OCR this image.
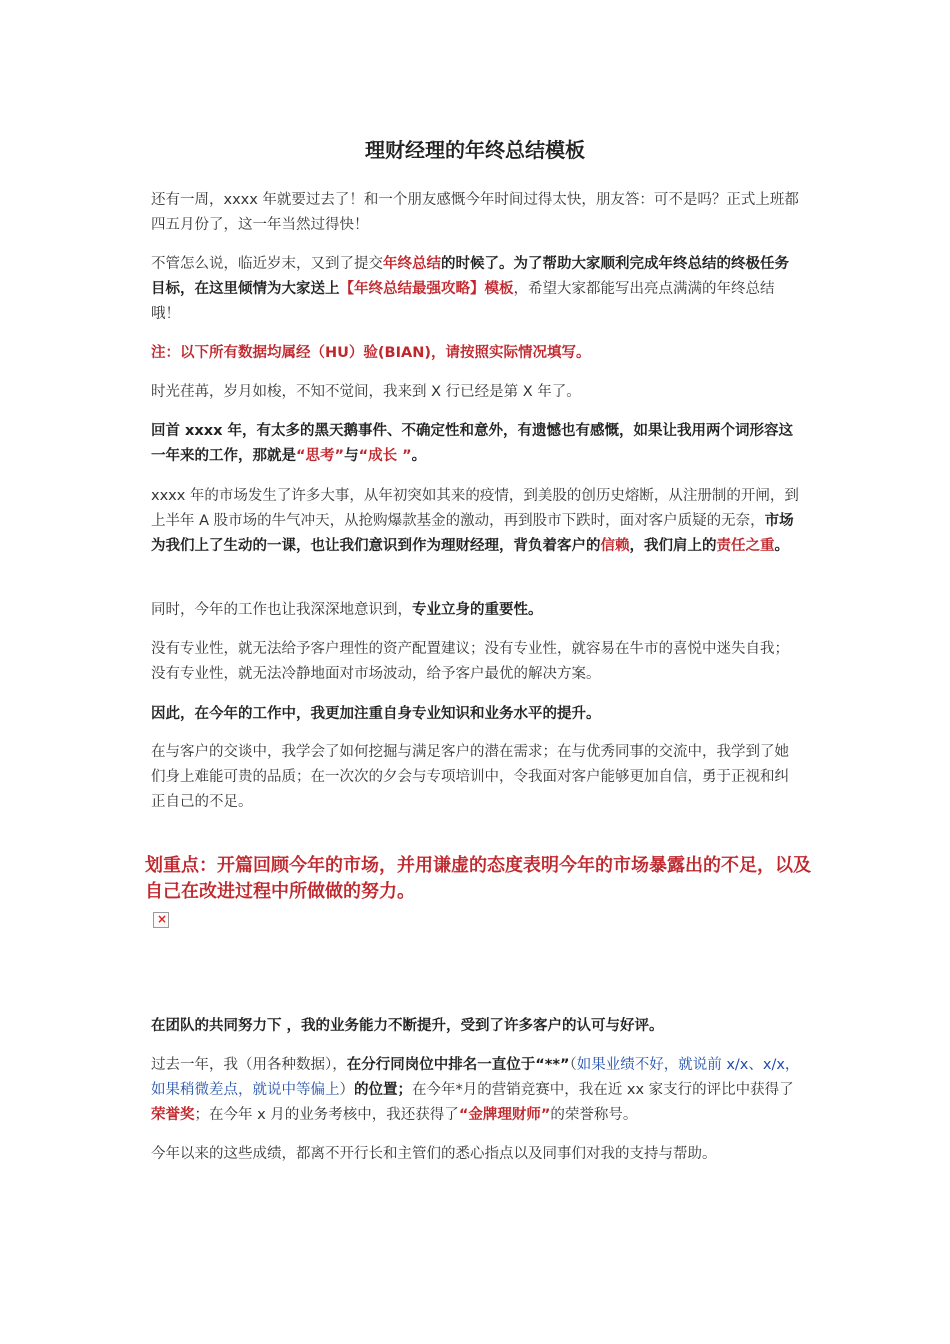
理财经理的年终总结模板
还有一周，xxxx 年就要过去了！和一个朋友感慨今年时间过得太快，朋友答：可不是吗？正式上班都四五月份了，这一年当然过得快！
不管怎么说，临近岁末，又到了提交年终总结的时候了。为了帮助大家顺利完成年终总结的终极任务目标，在这里倾情为大家送上【年终总结最强攻略】模板，希望大家都能写出亮点满满的年终总结哦！
注：以下所有数据均属经（HU）验(BIAN)，请按照实际情况填写。
时光荏苒，岁月如梭，不知不觉间，我来到 X 行已经是第 X 年了。
回首 xxxx 年，有太多的黑天鹅事件、不确定性和意外，有遗憾也有感慨，如果让我用两个词形容这一年来的工作，那就是“思考”与“成长 ”。
xxxx 年的市场发生了许多大事，从年初突如其来的疫情，到美股的创历史熔断，从注册制的开闸，到上半年 A 股市场的牛气冲天，从抢购爆款基金的激动，再到股市下跌时，面对客户质疑的无奈，市场为我们上了生动的一课，也让我们意识到作为理财经理，背负着客户的信赖，我们肩上的责任之重。
同时，今年的工作也让我深深地意识到，专业立身的重要性。
没有专业性，就无法给予客户理性的资产配置建议；没有专业性，就容易在牛市的喜悦中迷失自我；没有专业性，就无法冷静地面对市场波动，给予客户最优的解决方案。
因此，在今年的工作中，我更加注重自身专业知识和业务水平的提升。
在与客户的交谈中，我学会了如何挖掘与满足客户的潜在需求；在与优秀同事的交流中，我学到了她们身上难能可贵的品质；在一次次的夕会与专项培训中，令我面对客户能够更加自信，勇于正视和纠正自己的不足。
划重点：开篇回顾今年的市场，并用谦虚的态度表明今年的市场暴露出的不足，以及自己在改进过程中所做做的努力。
×
在团队的共同努力下 ，我的业务能力不断提升，受到了许多客户的认可与好评。
过去一年，我（用各种数据），在分行同岗位中排名一直位于“**”（如果业绩不好，就说前 x/x、x/x，如果稍微差点，就说中等偏上）的位置；在今年*月的营销竞赛中，我在近 xx 家支行的评比中获得了荣誉奖；在今年 x 月的业务考核中，我还获得了“金牌理财师”的荣誉称号。
今年以来的这些成绩，都离不开行长和主管们的悉心指点以及同事们对我的支持与帮助。
